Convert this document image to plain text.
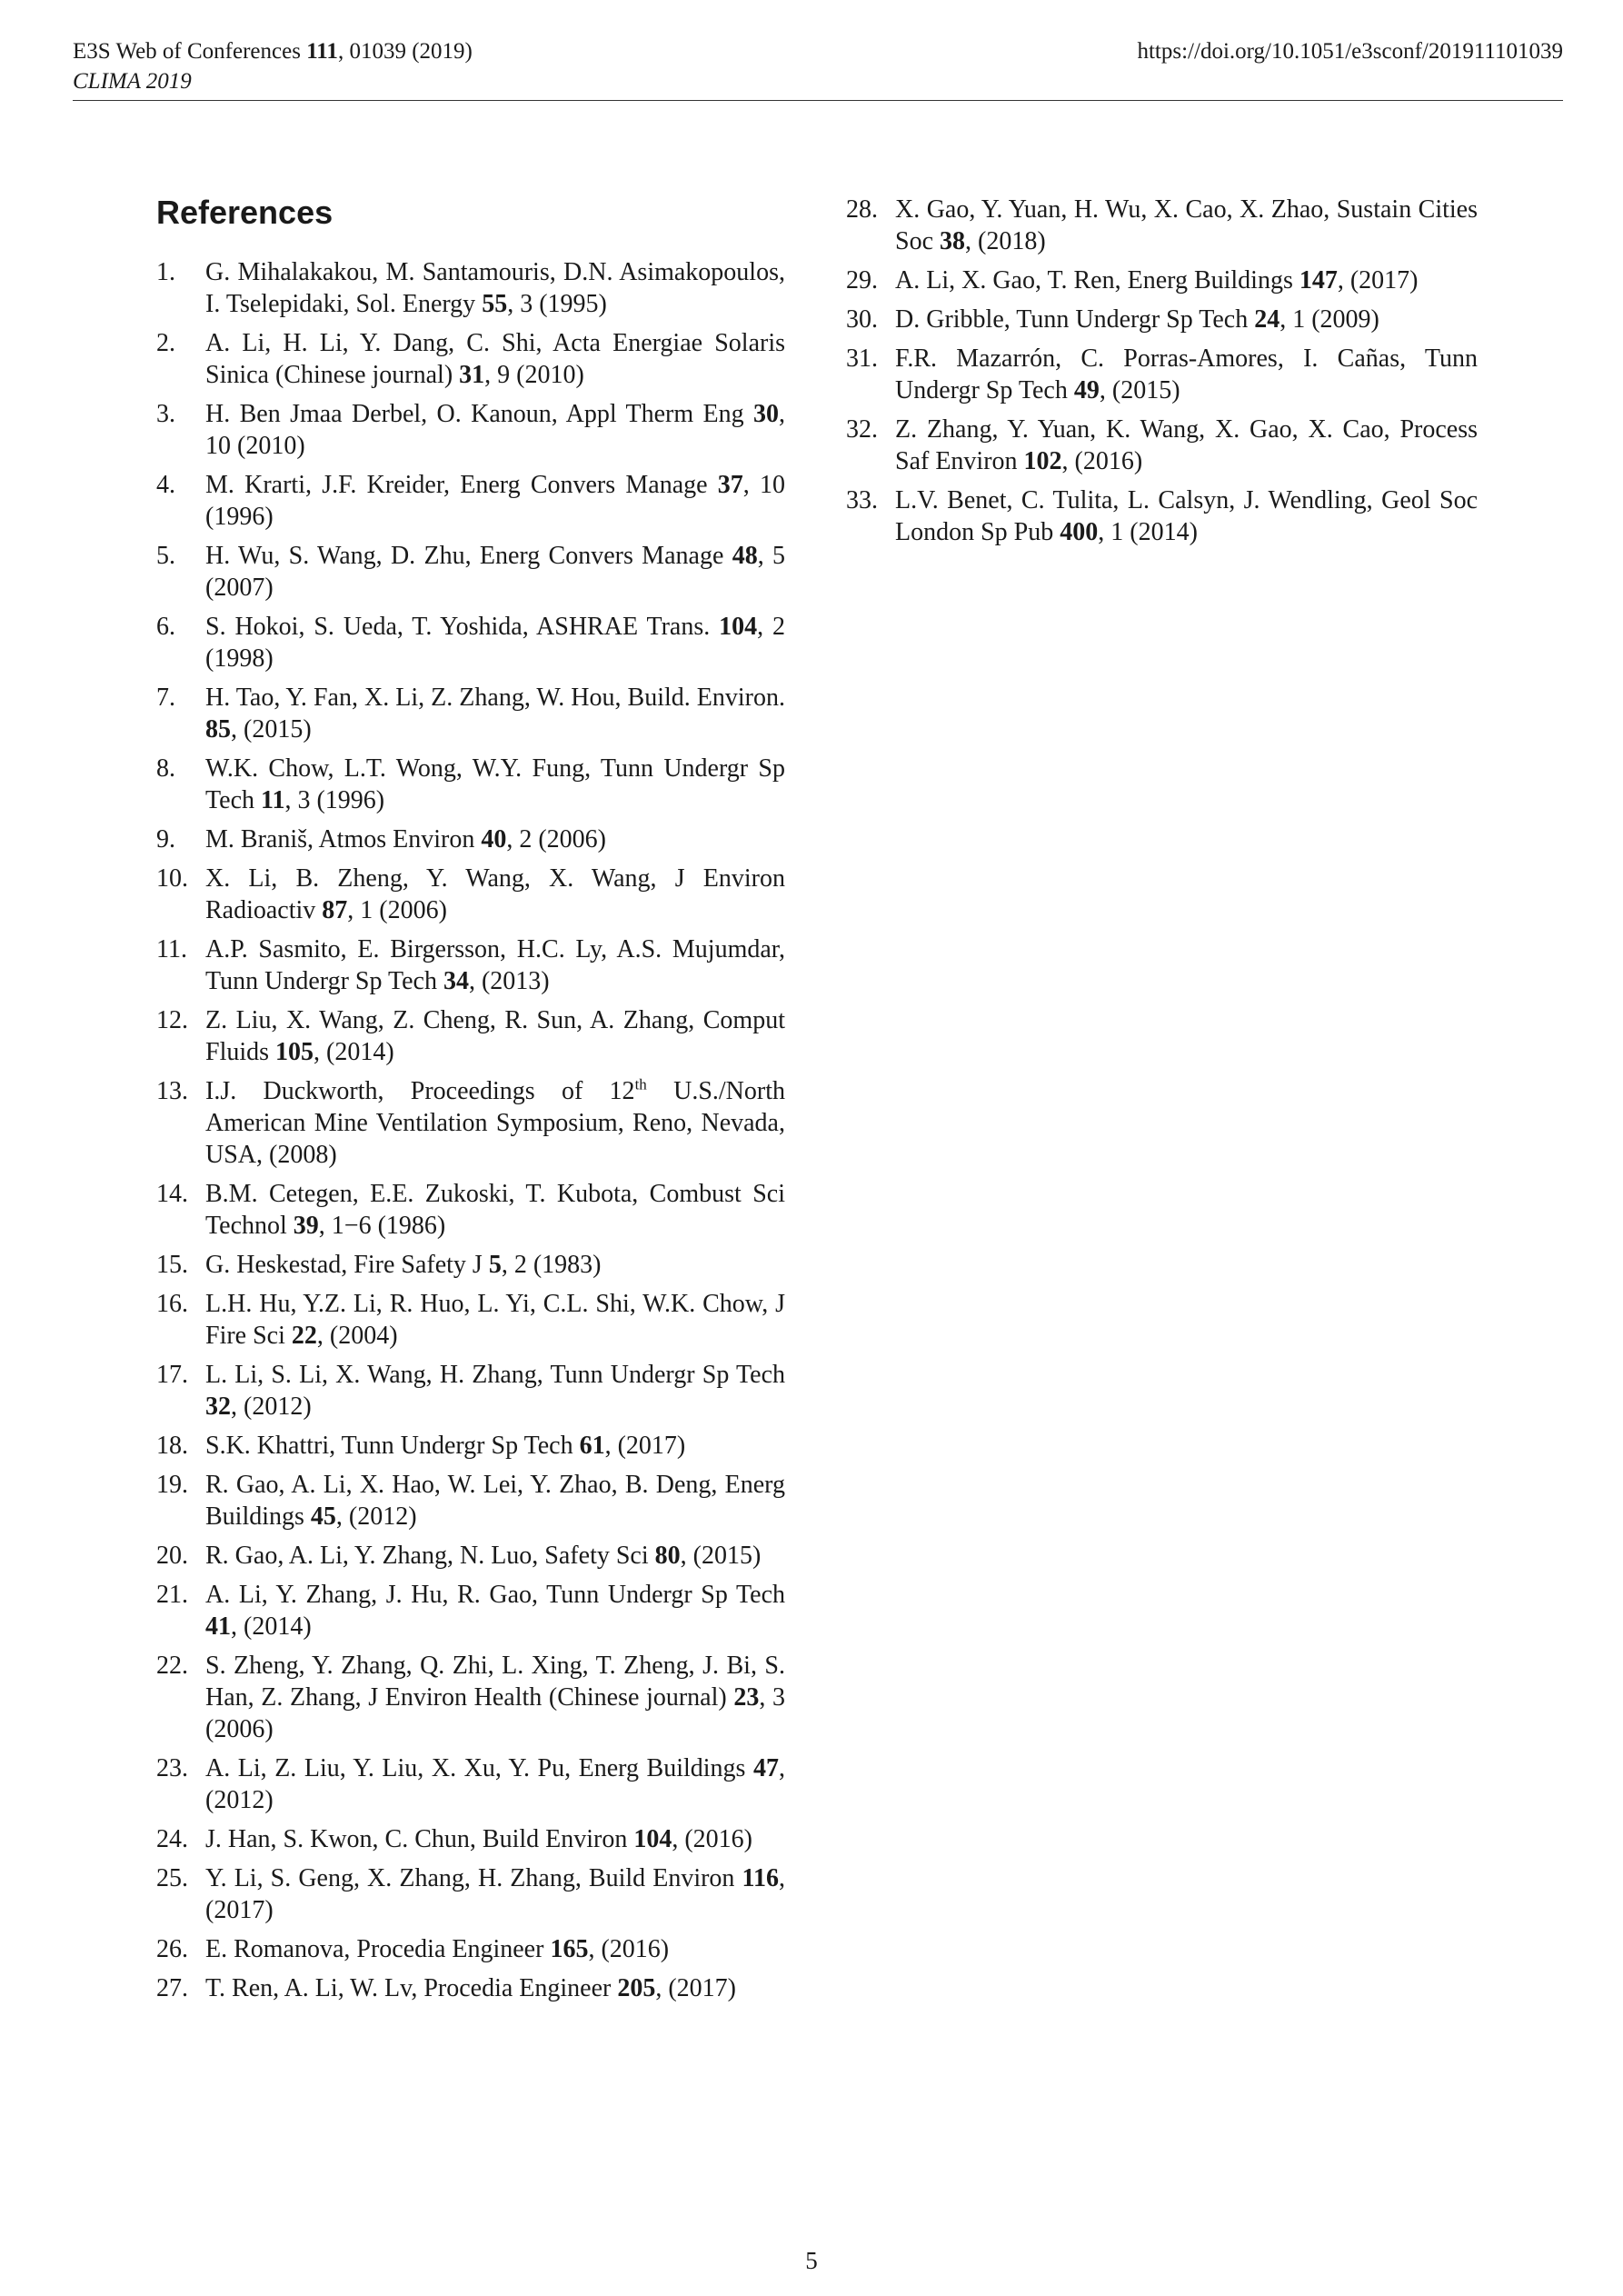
E3S Web of Conferences 111, 01039 (2019)
CLIMA 2019
https://doi.org/10.1051/e3sconf/201911101039
References
1. G. Mihalakakou, M. Santamouris, D.N. Asimakopoulos, I. Tselepidaki, Sol. Energy 55, 3 (1995)
2. A. Li, H. Li, Y. Dang, C. Shi, Acta Energiae Solaris Sinica (Chinese journal) 31, 9 (2010)
3. H. Ben Jmaa Derbel, O. Kanoun, Appl Therm Eng 30, 10 (2010)
4. M. Krarti, J.F. Kreider, Energ Convers Manage 37, 10 (1996)
5. H. Wu, S. Wang, D. Zhu, Energ Convers Manage 48, 5 (2007)
6. S. Hokoi, S. Ueda, T. Yoshida, ASHRAE Trans. 104, 2 (1998)
7. H. Tao, Y. Fan, X. Li, Z. Zhang, W. Hou, Build. Environ. 85, (2015)
8. W.K. Chow, L.T. Wong, W.Y. Fung, Tunn Undergr Sp Tech 11, 3 (1996)
9. M. Braniš, Atmos Environ 40, 2 (2006)
10. X. Li, B. Zheng, Y. Wang, X. Wang, J Environ Radioactiv 87, 1 (2006)
11. A.P. Sasmito, E. Birgersson, H.C. Ly, A.S. Mujumdar, Tunn Undergr Sp Tech 34, (2013)
12. Z. Liu, X. Wang, Z. Cheng, R. Sun, A. Zhang, Comput Fluids 105, (2014)
13. I.J. Duckworth, Proceedings of 12th U.S./North American Mine Ventilation Symposium, Reno, Nevada, USA, (2008)
14. B.M. Cetegen, E.E. Zukoski, T. Kubota, Combust Sci Technol 39, 1−6 (1986)
15. G. Heskestad, Fire Safety J 5, 2 (1983)
16. L.H. Hu, Y.Z. Li, R. Huo, L. Yi, C.L. Shi, W.K. Chow, J Fire Sci 22, (2004)
17. L. Li, S. Li, X. Wang, H. Zhang, Tunn Undergr Sp Tech 32, (2012)
18. S.K. Khattri, Tunn Undergr Sp Tech 61, (2017)
19. R. Gao, A. Li, X. Hao, W. Lei, Y. Zhao, B. Deng, Energ Buildings 45, (2012)
20. R. Gao, A. Li, Y. Zhang, N. Luo, Safety Sci 80, (2015)
21. A. Li, Y. Zhang, J. Hu, R. Gao, Tunn Undergr Sp Tech 41, (2014)
22. S. Zheng, Y. Zhang, Q. Zhi, L. Xing, T. Zheng, J. Bi, S. Han, Z. Zhang, J Environ Health (Chinese journal) 23, 3 (2006)
23. A. Li, Z. Liu, Y. Liu, X. Xu, Y. Pu, Energ Buildings 47, (2012)
24. J. Han, S. Kwon, C. Chun, Build Environ 104, (2016)
25. Y. Li, S. Geng, X. Zhang, H. Zhang, Build Environ 116, (2017)
26. E. Romanova, Procedia Engineer 165, (2016)
27. T. Ren, A. Li, W. Lv, Procedia Engineer 205, (2017)
28. X. Gao, Y. Yuan, H. Wu, X. Cao, X. Zhao, Sustain Cities Soc 38, (2018)
29. A. Li, X. Gao, T. Ren, Energ Buildings 147, (2017)
30. D. Gribble, Tunn Undergr Sp Tech 24, 1 (2009)
31. F.R. Mazarrón, C. Porras-Amores, I. Cañas, Tunn Undergr Sp Tech 49, (2015)
32. Z. Zhang, Y. Yuan, K. Wang, X. Gao, X. Cao, Process Saf Environ 102, (2016)
33. L.V. Benet, C. Tulita, L. Calsyn, J. Wendling, Geol Soc London Sp Pub 400, 1 (2014)
5
